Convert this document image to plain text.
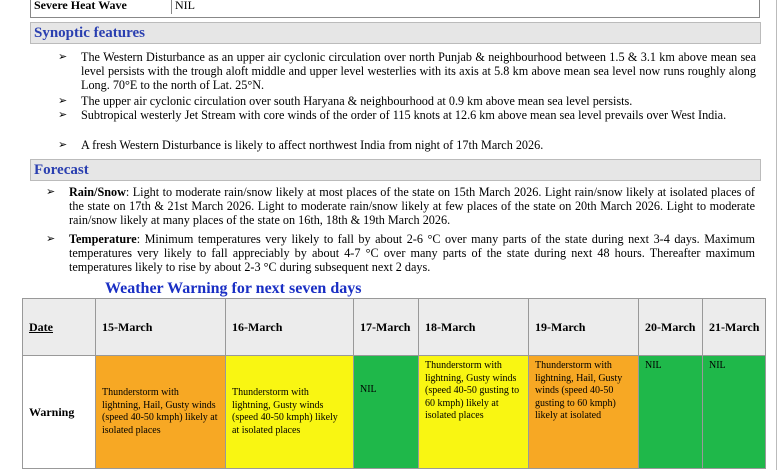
Severe Heat Wave	NIL
Synoptic features
➢ The Western Disturbance as an upper air cyclonic circulation over north Punjab & neighbourhood between 1.5 & 3.1 km above mean sea level persists with the trough aloft middle and upper level westerlies with its axis at 5.8 km above mean sea level now runs roughly along Long. 70°E to the north of Lat. 25°N.
➢ The upper air cyclonic circulation over south Haryana & neighbourhood at 0.9 km above mean sea level persists.
➢ Subtropical westerly Jet Stream with core winds of the order of 115 knots at 12.6 km above mean sea level prevails over West India.
➢ A fresh Western Disturbance is likely to affect northwest India from night of 17th March 2026.
Forecast
➢ Rain/Snow: Light to moderate rain/snow likely at most places of the state on 15th March 2026. Light rain/snow likely at isolated places of the state on 17th & 21st March 2026. Light to moderate rain/snow likely at few places of the state on 20th March 2026. Light to moderate rain/snow likely at many places of the state on 16th, 18th & 19th March 2026.
➢ Temperature: Minimum temperatures very likely to fall by about 2-6 °C over many parts of the state during next 3-4 days. Maximum temperatures very likely to fall appreciably by about 4-7 °C over many parts of the state during next 48 hours. Thereafter maximum temperatures likely to rise by about 2-3 °C during subsequent next 2 days.
Weather Warning for next seven days
Date	15-March	16-March	17-March	18-March	19-March	20-March	21-March

Warning	Thunderstorm with lightning, Hail, Gusty winds (speed 40-50 kmph) likely at isolated places	Thunderstorm with lightning, Gusty winds (speed 40-50 kmph) likely at isolated places	NIL	Thunderstorm with lightning, Gusty winds (speed 40-50 gusting to 60 kmph) likely at isolated places	Thunderstorm with lightning, Hail, Gusty winds (speed 40-50 gusting to 60 kmph) likely at isolated	NIL	NIL
